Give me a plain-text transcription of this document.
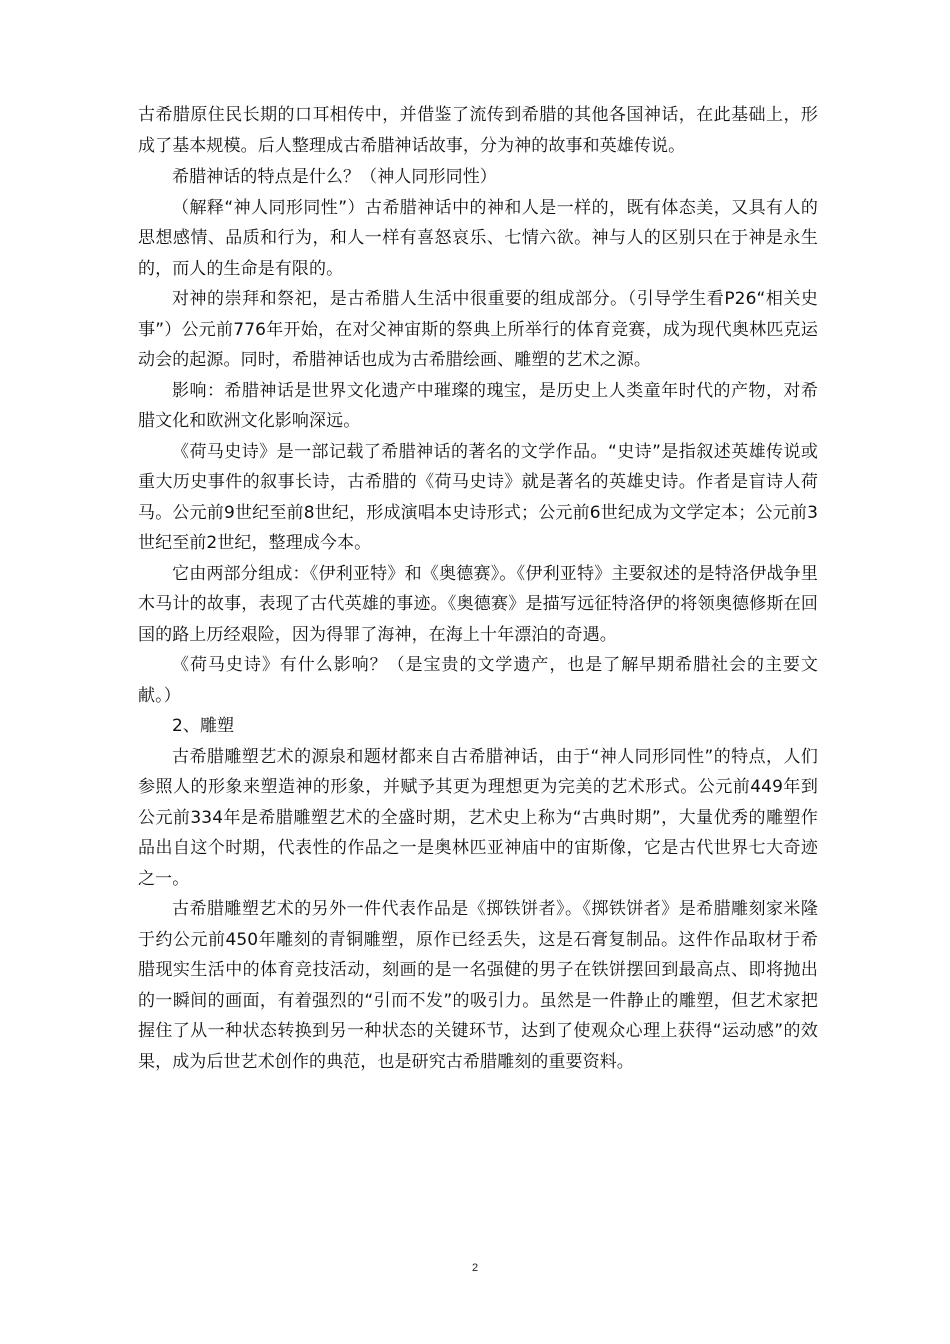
古希腊原住民长期的口耳相传中，并借鉴了流传到希腊的其他各国神话，在此基础上，形成了基本规模。后人整理成古希腊神话故事，分为神的故事和英雄传说。

希腊神话的特点是什么？（神人同形同性）

（解释“神人同形同性”）古希腊神话中的神和人是一样的，既有体态美，又具有人的思想感情、品质和行为，和人一样有喜怒哀乐、七情六欲。神与人的区别只在于神是永生的，而人的生命是有限的。

对神的崇拜和祭祀，是古希腊人生活中很重要的组成部分。（引导学生看P26“相关史事”）公元前776年开始，在对父神宙斯的祭典上所举行的体育竞赛，成为现代奥林匹克运动会的起源。同时，希腊神话也成为古希腊绘画、雕塑的艺术之源。

影响：希腊神话是世界文化遗产中璀璨的瑰宝，是历史上人类童年时代的产物，对希腊文化和欧洲文化影响深远。

《荷马史诗》是一部记载了希腊神话的著名的文学作品。“史诗”是指叙述英雄传说或重大历史事件的叙事长诗，古希腊的《荷马史诗》就是著名的英雄史诗。作者是盲诗人荷马。公元前9世纪至前8世纪，形成演唱本史诗形式；公元前6世纪成为文学定本；公元前3世纪至前2世纪，整理成今本。

它由两部分组成：《伊利亚特》和《奥德赛》。《伊利亚特》主要叙述的是特洛伊战争里木马计的故事，表现了古代英雄的事迹。《奥德赛》是描写远征特洛伊的将领奥德修斯在回国的路上历经艰险，因为得罪了海神，在海上十年漂泊的奇遇。

《荷马史诗》有什么影响？（是宝贵的文学遗产，也是了解早期希腊社会的主要文献。）

2、雕塑

古希腊雕塑艺术的源泉和题材都来自古希腊神话，由于“神人同形同性”的特点，人们参照人的形象来塑造神的形象，并赋予其更为理想更为完美的艺术形式。公元前449年到公元前334年是希腊雕塑艺术的全盛时期，艺术史上称为“古典时期”，大量优秀的雕塑作品出自这个时期，代表性的作品之一是奥林匹亚神庙中的宙斯像，它是古代世界七大奇迹之一。

古希腊雕塑艺术的另外一件代表作品是《掷铁饼者》。《掷铁饼者》是希腊雕刻家米隆于约公元前450年雕刻的青铜雕塑，原作已经丢失，这是石膏复制品。这件作品取材于希腊现实生活中的体育竞技活动，刻画的是一名强健的男子在铁饼摆回到最高点、即将抛出的一瞬间的画面，有着强烈的“引而不发”的吸引力。虽然是一件静止的雕塑，但艺术家把握住了从一种状态转换到另一种状态的关键环节，达到了使观众心理上获得“运动感”的效果，成为后世艺术创作的典范，也是研究古希腊雕刻的重要资料。

2
